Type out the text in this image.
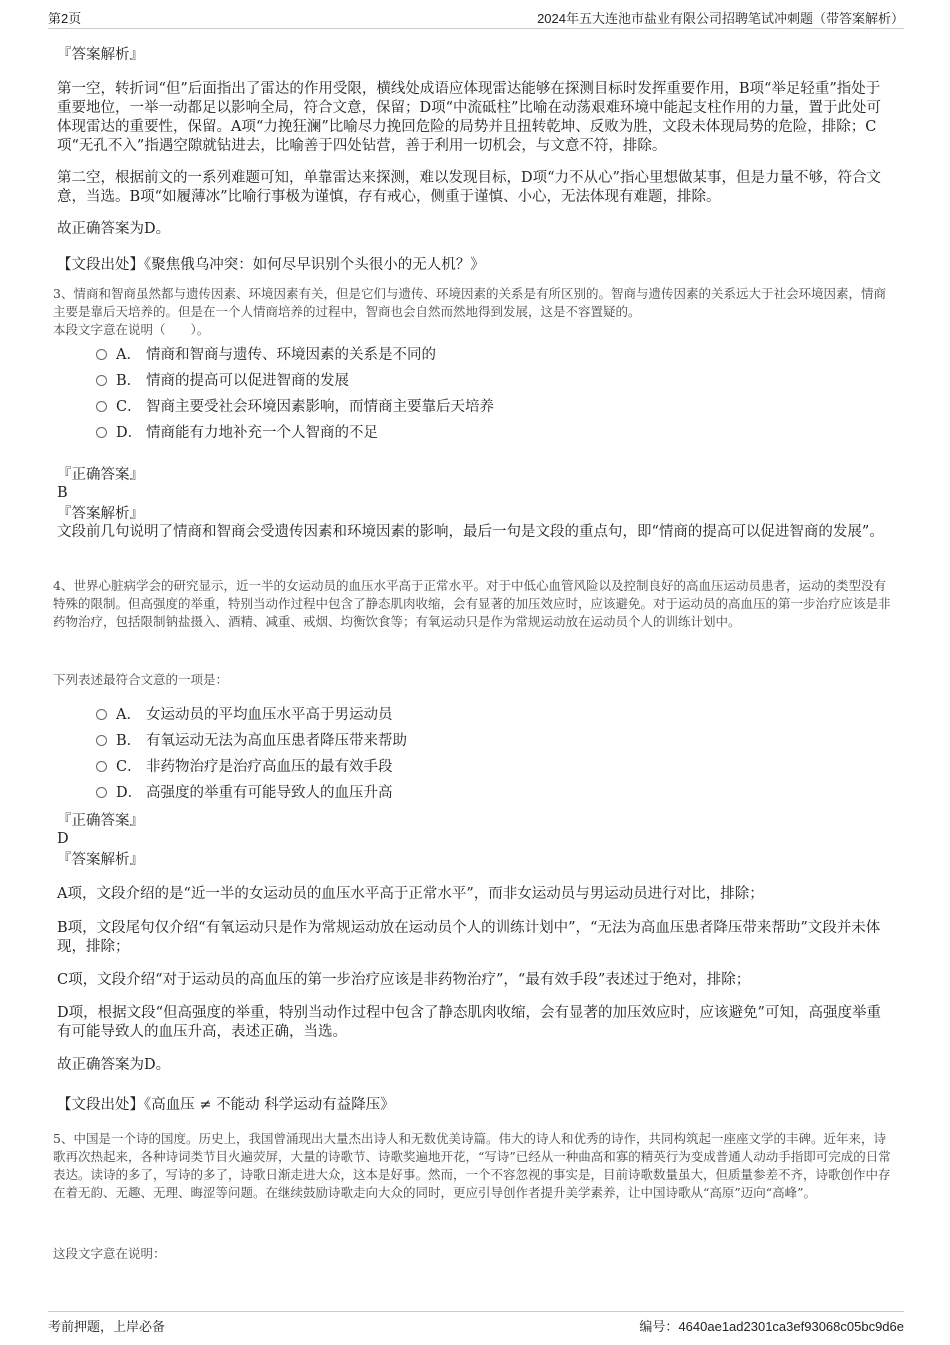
第2页	2024年五大连池市盐业有限公司招聘笔试冲刺题（带答案解析）
『答案解析』

第一空，转折词“但”后面指出了雷达的作用受限，横线处成语应体现雷达能够在探测目标时发挥重要作用，B项“举足轻重”指处于重要地位，一举一动都足以影响全局，符合文意，保留；D项“中流砥柱”比喻在动荡艰难环境中能起支柱作用的力量，置于此处可体现雷达的重要性，保留。A项“力挽狂澜”比喻尽力挽回危险的局势并且扭转乾坤、反败为胜，文段未体现局势的危险，排除；C项“无孔不入”指遇空隙就钻进去，比喻善于四处钻营，善于利用一切机会，与文意不符，排除。

第二空，根据前文的一系列难题可知，单靠雷达来探测，难以发现目标，D项“力不从心”指心里想做某事，但是力量不够，符合文意，当选。B项“如履薄冰”比喻行事极为谨慎，存有戒心，侧重于谨慎、小心，无法体现有难题，排除。

故正确答案为D。

【文段出处】《聚焦俄乌冲突：如何尽早识别个头很小的无人机？》

3、情商和智商虽然都与遗传因素、环境因素有关，但是它们与遗传、环境因素的关系是有所区别的。智商与遗传因素的关系远大于社会环境因素，情商主要是靠后天培养的。但是在一个人情商培养的过程中，智商也会自然而然地得到发展，这是不容置疑的。

本段文字意在说明（　　）。

A． 情商和智商与遗传、环境因素的关系是不同的
B． 情商的提高可以促进智商的发展
C． 智商主要受社会环境因素影响，而情商主要靠后天培养
D． 情商能有力地补充一个人智商的不足
『正确答案』
B
『答案解析』

文段前几句说明了情商和智商会受遗传因素和环境因素的影响，最后一句是文段的重点句，即“情商的提高可以促进智商的发展”。

4、世界心脏病学会的研究显示，近一半的女运动员的血压水平高于正常水平。对于中低心血管风险以及控制良好的高血压运动员患者，运动的类型没有特殊的限制。但高强度的举重，特别当动作过程中包含了静态肌肉收缩，会有显著的加压效应时，应该避免。对于运动员的高血压的第一步治疗应该是非药物治疗，包括限制钠盐摄入、酒精、减重、戒烟、均衡饮食等；有氧运动只是作为常规运动放在运动员个人的训练计划中。

下列表述最符合文意的一项是：

A． 女运动员的平均血压水平高于男运动员
B． 有氧运动无法为高血压患者降压带来帮助
C． 非药物治疗是治疗高血压的最有效手段
D． 高强度的举重有可能导致人的血压升高
『正确答案』
D
『答案解析』

A项，文段介绍的是“近一半的女运动员的血压水平高于正常水平”，而非女运动员与男运动员进行对比，排除；

B项，文段尾句仅介绍“有氧运动只是作为常规运动放在运动员个人的训练计划中”，“无法为高血压患者降压带来帮助”文段并未体现，排除；

C项，文段介绍“对于运动员的高血压的第一步治疗应该是非药物治疗”，“最有效手段”表述过于绝对，排除；

D项，根据文段“但高强度的举重，特别当动作过程中包含了静态肌肉收缩，会有显著的加压效应时，应该避免”可知，高强度举重有可能导致人的血压升高，表述正确，当选。

故正确答案为D。

【文段出处】《高血压 ≠ 不能动 科学运动有益降压》

5、中国是一个诗的国度。历史上，我国曾涌现出大量杰出诗人和无数优美诗篇。伟大的诗人和优秀的诗作，共同构筑起一座座文学的丰碑。近年来，诗歌再次热起来，各种诗词类节目火遍荧屏，大量的诗歌节、诗歌奖遍地开花，“写诗”已经从一种曲高和寡的精英行为变成普通人动动手指即可完成的日常表达。读诗的多了，写诗的多了，诗歌日渐走进大众，这本是好事。然而，一个不容忽视的事实是，目前诗歌数量虽大，但质量参差不齐，诗歌创作中存在着无韵、无趣、无理、晦涩等问题。在继续鼓励诗歌走向大众的同时，更应引导创作者提升美学素养，让中国诗歌从“高原”迈向“高峰”。

这段文字意在说明：

考前押题，上岸必备	编号：4640ae1ad2301ca3ef93068c05bc9d6e
